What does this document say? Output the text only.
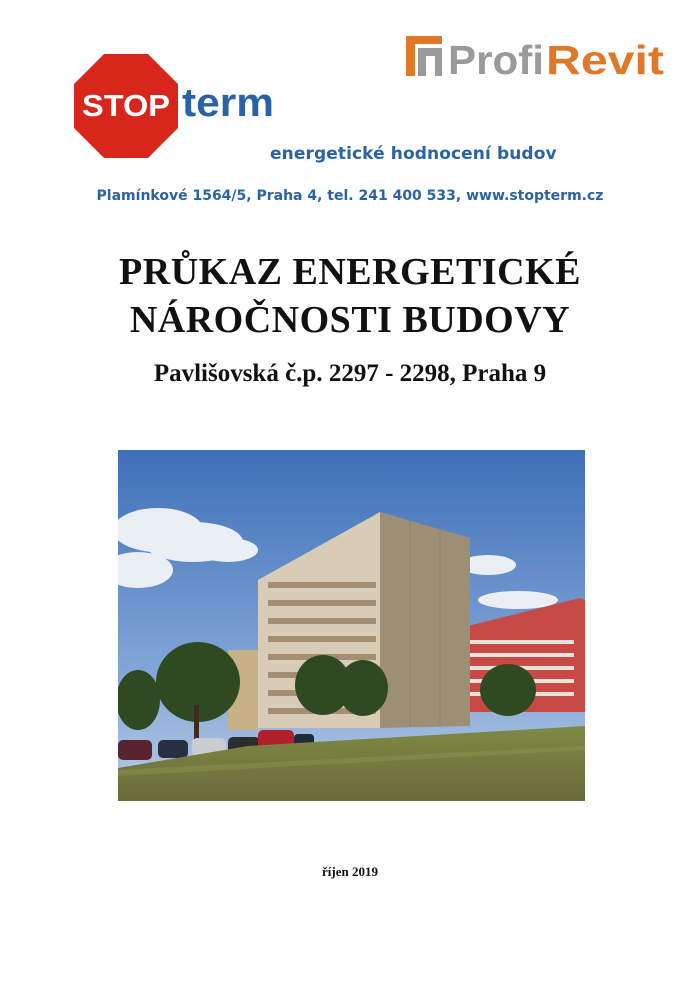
STOP term
Profi Revit
energetické hodnocení budov
Plamínkové 1564/5, Praha 4, tel. 241 400 533, www.stopterm.cz
PRŮKAZ ENERGETICKÉ
NÁROČNOSTI BUDOVY
Pavlišovská č.p. 2297 - 2298, Praha 9
říjen 2019
